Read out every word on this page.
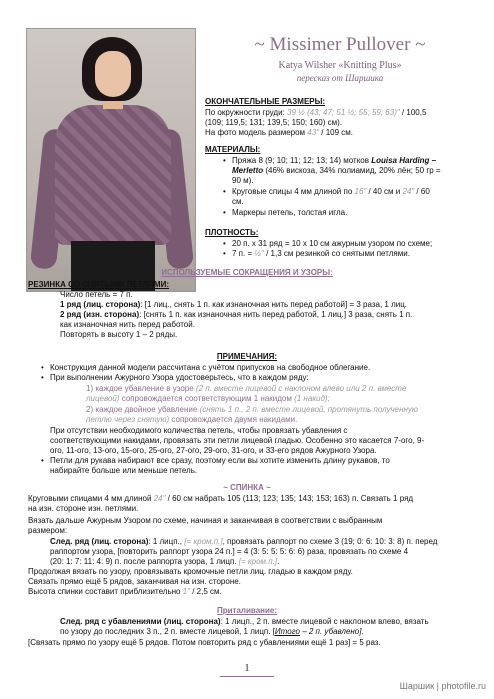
~ Missimer Pullover ~
Katya Wilsher «Knitting Plus»
пересказ от Шаршика
ОКОНЧАТЕЛЬНЫЕ РАЗМЕРЫ:
По окружности груди: 39 ½ (43; 47; 51 ½; 55; 59; 63)" / 100,5
(109; 119,5; 131; 139,5; 150; 160) см).
На фото модель размером 43" / 109 см.
МАТЕРИАЛЫ:
• Пряжа 8 (9; 10; 11; 12; 13; 14) мотков Louisa Harding –
Merletto (46% вискоза, 34% полиамид, 20% лён; 50 гр =
90 м).
• Круговые спицы 4 мм длиной по 16" / 40 см и 24" / 60
см.
• Маркеры петель, толстая игла.
ПЛОТНОСТЬ:
• 20 п. х 31 ряд = 10 х 10 см ажурным узором по схеме;
• 7 п. = ½" / 1,3 см резинкой со снятыми петлями.
ИСПОЛЬЗУЕМЫЕ СОКРАЩЕНИЯ И УЗОРЫ:
РЕЗИНКА СО СНЯТЫМИ ПЕТЛЯМИ:
Число петель = 7 п.
1 ряд (лиц. сторона): [1 лиц., снять 1 п. как изнаночная нить перед работой] = 3 раза, 1 лиц.
2 ряд (изн. сторона): [снять 1 п. как изнаночная нить перед работой, 1 лиц.] 3 раза, снять 1 п.
как изнаночная нить перед работой.
Повторять в высоту 1 – 2 ряды.
ПРИМЕЧАНИЯ:
• Конструкция данной модели рассчитана с учётом припусков на свободное облегание.
• При выполнении Ажурного Узора удостоверьтесь, что в каждом ряду:
1) каждое убавление в узоре (2 п. вместе лицевой с наклоном влево или 2 п. вместе
лицевой) сопровождается соответствующим 1 накидом (1 накид);
2) каждое двойное убавление (снять 1 п., 2 п. вместе лицевой, протянуть полученную
петлю через снятую) сопровождается двумя накидами.
При отсутствии необходимого количества петель, чтобы провязать убавления с
соответствующими накидами, провязать эти петли лицевой гладью. Особенно это касается 7-ого, 9-
ого, 11-ого, 13-ого, 15-ого, 25-ого, 27-ого, 29-ого, 31-ого, и 33-его рядов Ажурного Узора.
• Петли для рукава набирают все сразу, поэтому если вы хотите изменить длину рукавов, то
набирайте больше или меньше петель.
~ СПИНКА ~
Круговыми спицами 4 мм длиной 24" / 60 см набрать 105 (113; 123; 135; 143; 153; 163) п. Связать 1 ряд
на изн. стороне изн. петлями.
Вязать дальше Ажурным Узором по схеме, начиная и заканчивая в соответствии с выбранным
размером:
След. ряд (лиц. сторона): 1 лицп., [= кром.п.], провязать раппорт по схеме 3 (19; 0: 6: 10: 3: 8) п. перед
раппортом узора, [повторить раппорт узора 24 п.] = 4 (3: 5: 5: 5: 6: 6) раза, провязать по схеме 4
(20: 1: 7: 11: 4: 9) п. после раппорта узора, 1 лицп. [= кром.п.].
Продолжая вязать по узору, провязывать кромочные петли лиц. гладью в каждом ряду.
Связать прямо ещё 5 рядов, заканчивая на изн. стороне.
Высота спинки составит приблизительно 1" / 2,5 см.
Приталивание:
След. ряд с убавлениями (лиц. сторона): 1 лицп., 2 п. вместе лицевой с наклоном влево, вязать
по узору до последних 3 п., 2 п. вместе лицевой, 1 лицп. [Итого – 2 п. убавлено].
[Связать прямо по узору ещё 5 рядов. Потом повторить ряд с убавлениями ещё 1 раз] = 5 раз.
1
Шаршик | photofile.ru
